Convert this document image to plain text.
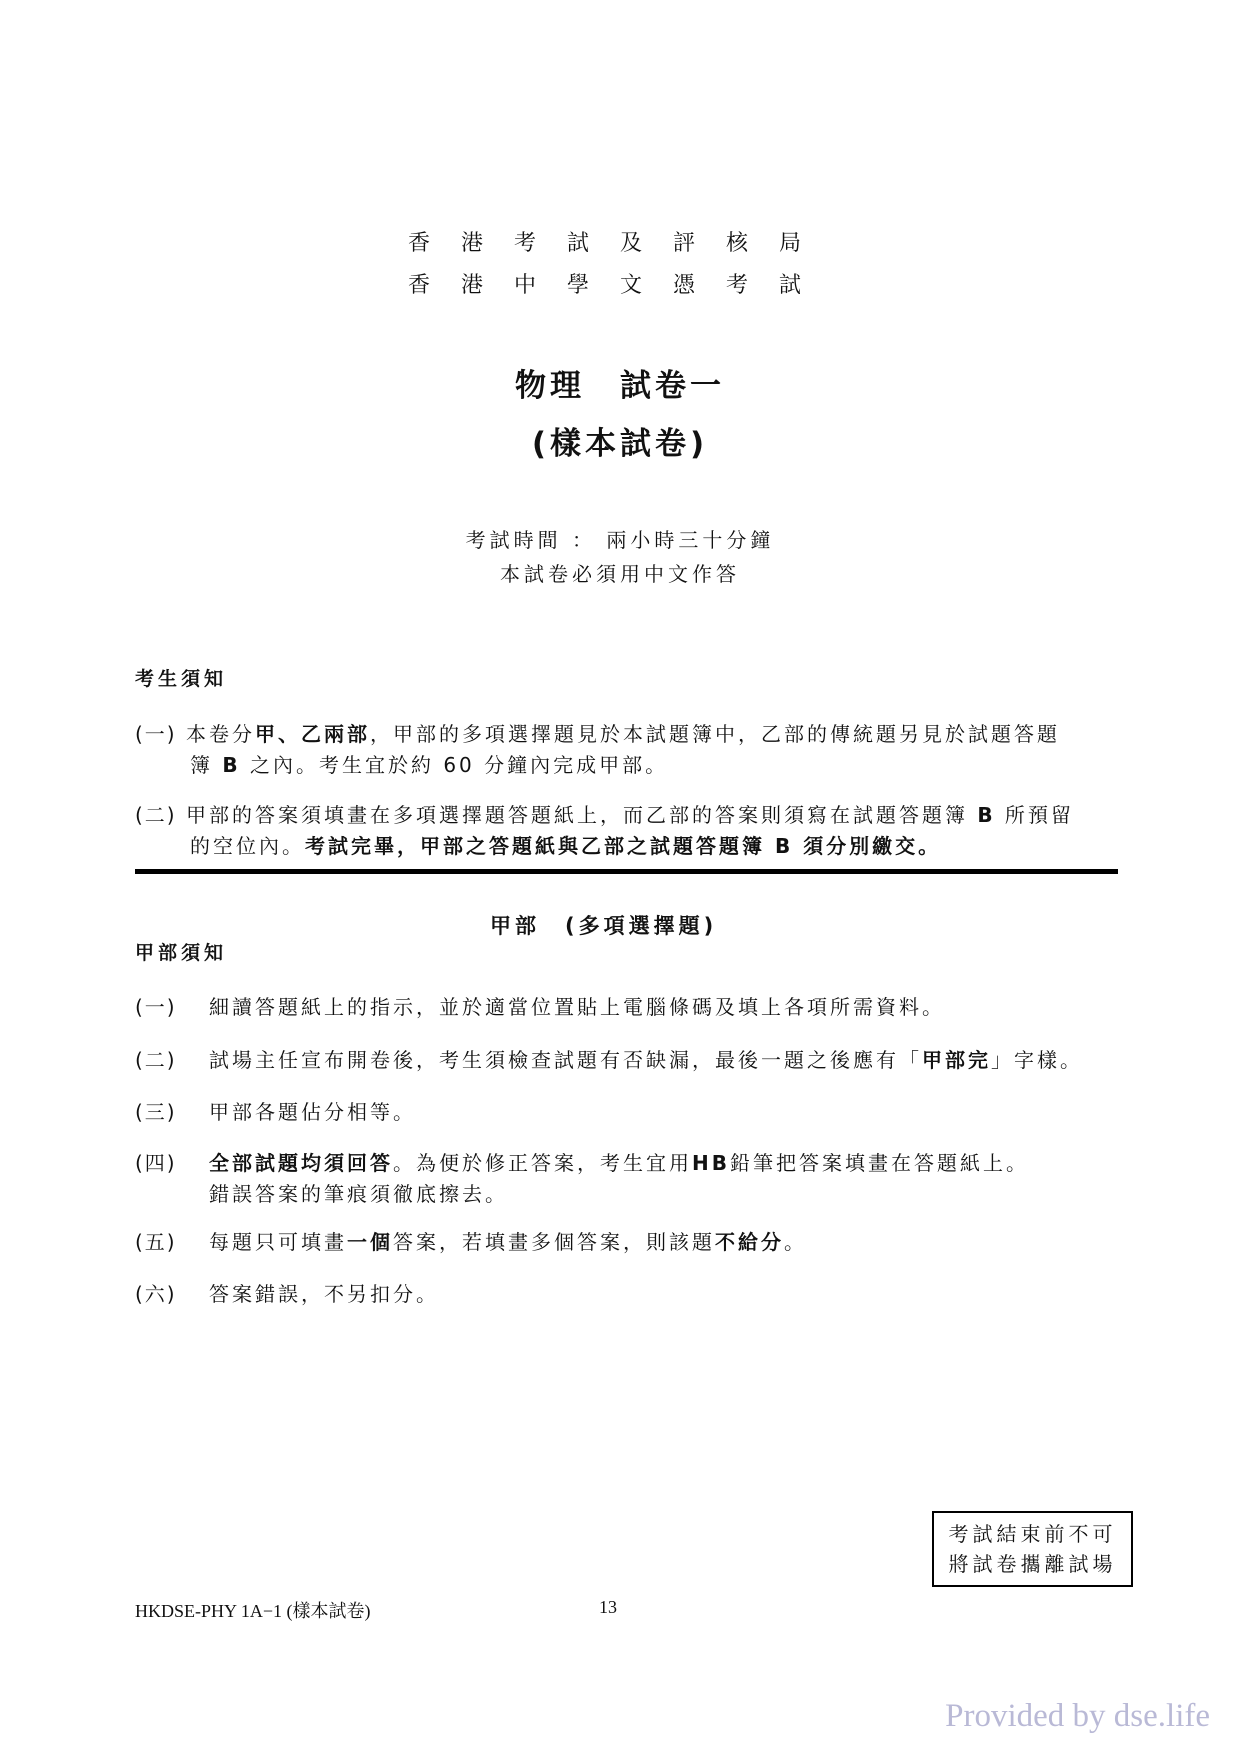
香港考試及評核局
香港中學文憑考試
物理　試卷一
(樣本試卷)
考試時間 ： 兩小時三十分鐘
本試卷必須用中文作答
考生須知
(一) 本卷分甲、乙兩部，甲部的多項選擇題見於本試題簿中，乙部的傳統題另見於試題答題
簿 B 之內。考生宜於約 60 分鐘內完成甲部。
(二) 甲部的答案須填畫在多項選擇題答題紙上，而乙部的答案則須寫在試題答題簿 B 所預留
的空位內。考試完畢，甲部之答題紙與乙部之試題答題簿 B 須分別繳交。
甲部　(多項選擇題)
甲部須知
(一) 細讀答題紙上的指示，並於適當位置貼上電腦條碼及填上各項所需資料。
(二) 試場主任宣布開卷後，考生須檢查試題有否缺漏，最後一題之後應有「甲部完」字樣。
(三) 甲部各題佔分相等。
(四) 全部試題均須回答。為便於修正答案，考生宜用HB鉛筆把答案填畫在答題紙上。
錯誤答案的筆痕須徹底擦去。
(五) 每題只可填畫一個答案，若填畫多個答案，則該題不給分。
(六) 答案錯誤，不另扣分。
考試結束前不可
將試卷攜離試場
HKDSE-PHY 1A−1 (樣本試卷)	13
Provided by dse.life
